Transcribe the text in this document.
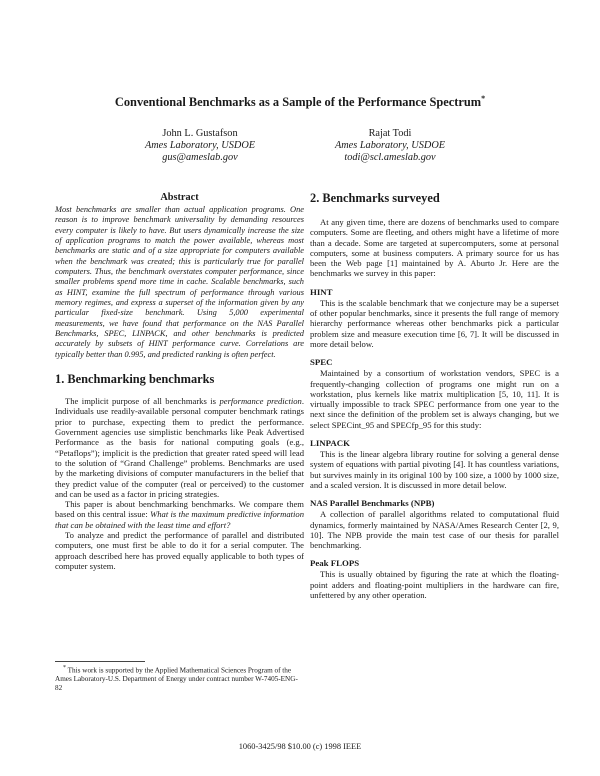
Conventional Benchmarks as a Sample of the Performance Spectrum*
John L. Gustafson
Ames Laboratory, USDOE
gus@ameslab.gov
Rajat Todi
Ames Laboratory, USDOE
todi@scl.ameslab.gov
Abstract

Most benchmarks are smaller than actual application programs. One reason is to improve benchmark universality by demanding resources every computer is likely to have. But users dynamically increase the size of application programs to match the power available, whereas most benchmarks are static and of a size appropriate for computers available when the benchmark was created; this is particularly true for parallel computers. Thus, the benchmark overstates computer performance, since smaller problems spend more time in cache. Scalable benchmarks, such as HINT, examine the full spectrum of performance through various memory regimes, and express a superset of the information given by any particular fixed-size benchmark. Using 5,000 experimental measurements, we have found that performance on the NAS Parallel Benchmarks, SPEC, LINPACK, and other benchmarks is predicted accurately by subsets of HINT performance curve. Correlations are typically better than 0.995, and predicted ranking is often perfect.

1. Benchmarking benchmarks

The implicit purpose of all benchmarks is performance prediction. Individuals use readily-available personal computer benchmark ratings prior to purchase, expecting them to predict the performance. Government agencies use simplistic benchmarks like Peak Advertised Performance as the basis for national computing goals (e.g., “Petaflops”); implicit is the prediction that greater rated speed will lead to the solution of “Grand Challenge” problems. Benchmarks are used by the marketing divisions of computer manufacturers in the belief that they predict value of the computer (real or perceived) to the customer and can be used as a factor in pricing strategies.

This paper is about benchmarking benchmarks. We compare them based on this central issue: What is the maximum predictive information that can be obtained with the least time and effort?

To analyze and predict the performance of parallel and distributed computers, one must first be able to do it for a serial computer. The approach described here has proved equally applicable to both types of computer system.

* This work is supported by the Applied Mathematical Sciences Program of the Ames Laboratory-U.S. Department of Energy under contract number W-7405-ENG-82

2. Benchmarks surveyed

At any given time, there are dozens of benchmarks used to compare computers. Some are fleeting, and others might have a lifetime of more than a decade. Some are targeted at supercomputers, some at personal computers, some at business computers. A primary source for us has been the Web page [1] maintained by A. Aburto Jr. Here are the benchmarks we survey in this paper:

HINT

This is the scalable benchmark that we conjecture may be a superset of other popular benchmarks, since it presents the full range of memory hierarchy performance whereas other benchmarks pick a particular problem size and measure execution time [6, 7]. It will be discussed in more detail below.

SPEC

Maintained by a consortium of workstation vendors, SPEC is a frequently-changing collection of programs one might run on a workstation, plus kernels like matrix multiplication [5, 10, 11]. It is virtually impossible to track SPEC performance from one year to the next since the definition of the problem set is always changing, but we select SPECint_95 and SPECfp_95 for this study:

LINPACK

This is the linear algebra library routine for solving a general dense system of equations with partial pivoting [4]. It has countless variations, but survives mainly in its original 100 by 100 size, a 1000 by 1000 size, and a scaled version. It is discussed in more detail below.

NAS Parallel Benchmarks (NPB)

A collection of parallel algorithms related to computational fluid dynamics, formerly maintained by NASA/Ames Research Center [2, 9, 10]. The NPB provide the main test case of our thesis for parallel benchmarking.

Peak FLOPS

This is usually obtained by figuring the rate at which the floating-point adders and floating-point multipliers in the hardware can fire, unfettered by any other operation.

1060-3425/98 $10.00 (c) 1998 IEEE
